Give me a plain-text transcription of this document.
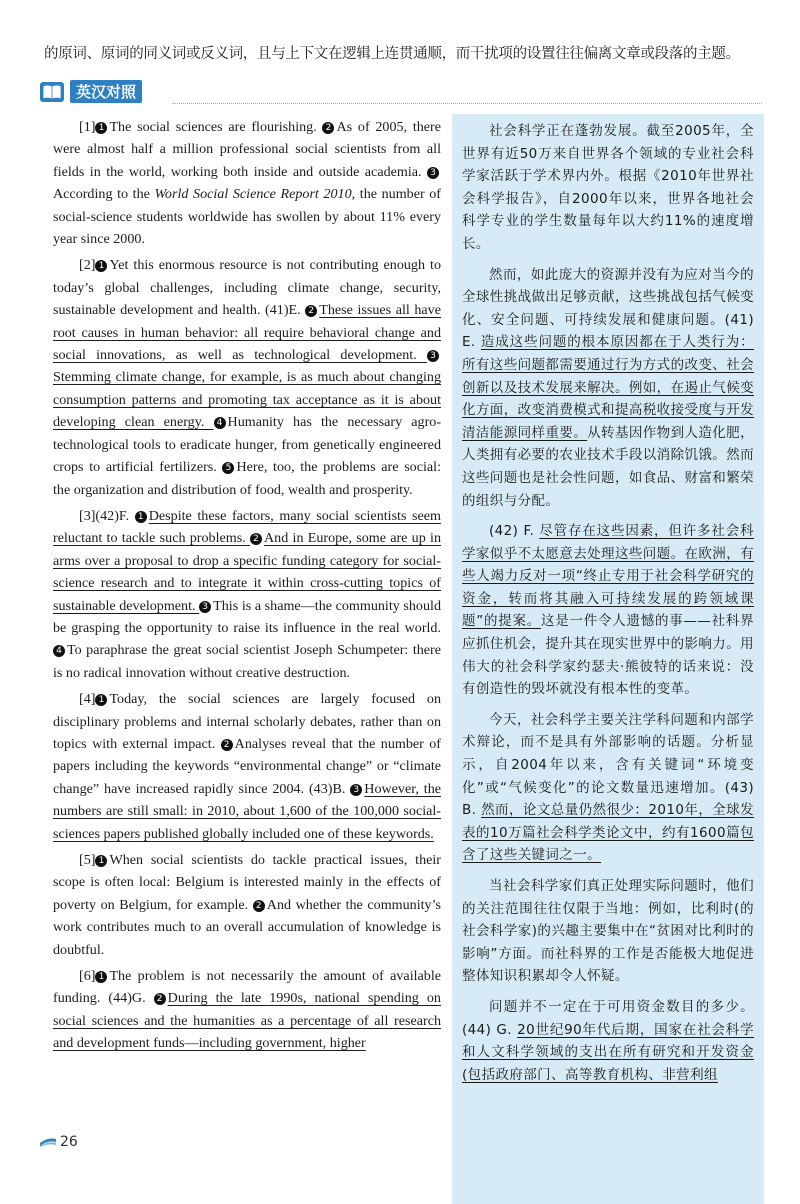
的原词、原词的同义词或反义词，且与上下文在逻辑上连贯通顺，而干扰项的设置往往偏离文章或段落的主题。
英汉对照

[1] 1 The social sciences are flourishing. 2 As of 2005, there were almost half a million professional social scientists from all fields in the world, working both inside and outside academia. 3According to the World Social Science Report 2010, the number of social-science students worldwide has swollen by about 11% every year since 2000.

[2] 1 Yet this enormous resource is not contributing enough to today’s global challenges, including climate change, security, sustainable development and health. (41)E. 2 These issues all have root causes in human behavior: all require behavioral change and social innovations, as well as technological development. 3Stemming climate change, for example, is as much about changing consumption patterns and promoting tax acceptance as it is about developing clean energy. 4 Humanity has the necessary agro-technological tools to eradicate hunger, from genetically engineered crops to artificial fertilizers. 5 Here, too, the problems are social: the organization and distribution of food, wealth and prosperity.

[3](42)F. 1 Despite these factors, many social scientists seem reluctant to tackle such problems. 2 And in Europe, some are up in arms over a proposal to drop a specific funding category for social-science research and to integrate it within cross-cutting topics of sustainable development. 3 This is a shame—the community should be grasping the opportunity to raise its influence in the real world. 4 To paraphrase the great social scientist Joseph Schumpeter: there is no radical innovation without creative destruction.

[4] 1 Today, the social sciences are largely focused on disciplinary problems and internal scholarly debates, rather than on topics with external impact. 2 Analyses reveal that the number of papers including the keywords “environmental change” or “climate change” have increased rapidly since 2004. (43)B. 3 However, the numbers are still small: in 2010, about 1,600 of the 100,000 social-sciences papers published globally included one of these keywords.

[5] 1 When social scientists do tackle practical issues, their scope is often local: Belgium is interested mainly in the effects of poverty on Belgium, for example. 2 And whether the community’s work contributes much to an overall accumulation of knowledge is doubtful.

[6] 1 The problem is not necessarily the amount of available funding. (44)G. 2 During the late 1990s, national spending on social sciences and the humanities as a percentage of all research and development funds—including government, higher

社会科学正在蓬勃发展。截至2005年，全世界有近50万来自世界各个领域的专业社会科学家活跃于学术界内外。根据《2010年世界社会科学报告》，自2000年以来，世界各地社会科学专业的学生数量每年以大约11%的速度增长。

然而，如此庞大的资源并没有为应对当今的全球性挑战做出足够贡献，这些挑战包括气候变化、安全问题、可持续发展和健康问题。(41) E. 造成这些问题的根本原因都在于人类行为：所有这些问题都需要通过行为方式的改变、社会创新以及技术发展来解决。例如，在遏止气候变化方面，改变消费模式和提高税收接受度与开发清洁能源同样重要。从转基因作物到人造化肥，人类拥有必要的农业技术手段以消除饥饿。然而这些问题也是社会性问题，如食品、财富和繁荣的组织与分配。

(42) F. 尽管存在这些因素，但许多社会科学家似乎不太愿意去处理这些问题。在欧洲，有些人竭力反对一项“终止专用于社会科学研究的资金，转而将其融入可持续发展的跨领域课题”的提案。这是一件令人遗憾的事——社科界应抓住机会，提升其在现实世界中的影响力。用伟大的社会科学家约瑟夫·熊彼特的话来说：没有创造性的毁坏就没有根本性的变革。

今天，社会科学主要关注学科问题和内部学术辩论，而不是具有外部影响的话题。分析显示，自2004年以来，含有关键词“环境变化”或“气候变化”的论文数量迅速增加。(43) B. 然而，论文总量仍然很少：2010年，全球发表的10万篇社会科学类论文中，约有1600篇包含了这些关键词之一。

当社会科学家们真正处理实际问题时，他们的关注范围往往仅限于当地：例如，比利时(的社会科学家)的兴趣主要集中在“贫困对比利时的影响”方面。而社科界的工作是否能极大地促进整体知识积累却令人怀疑。

问题并不一定在于可用资金数目的多少。(44) G. 20世纪90年代后期，国家在社会科学和人文科学领域的支出在所有研究和开发资金(包括政府部门、高等教育机构、非营利组

26
